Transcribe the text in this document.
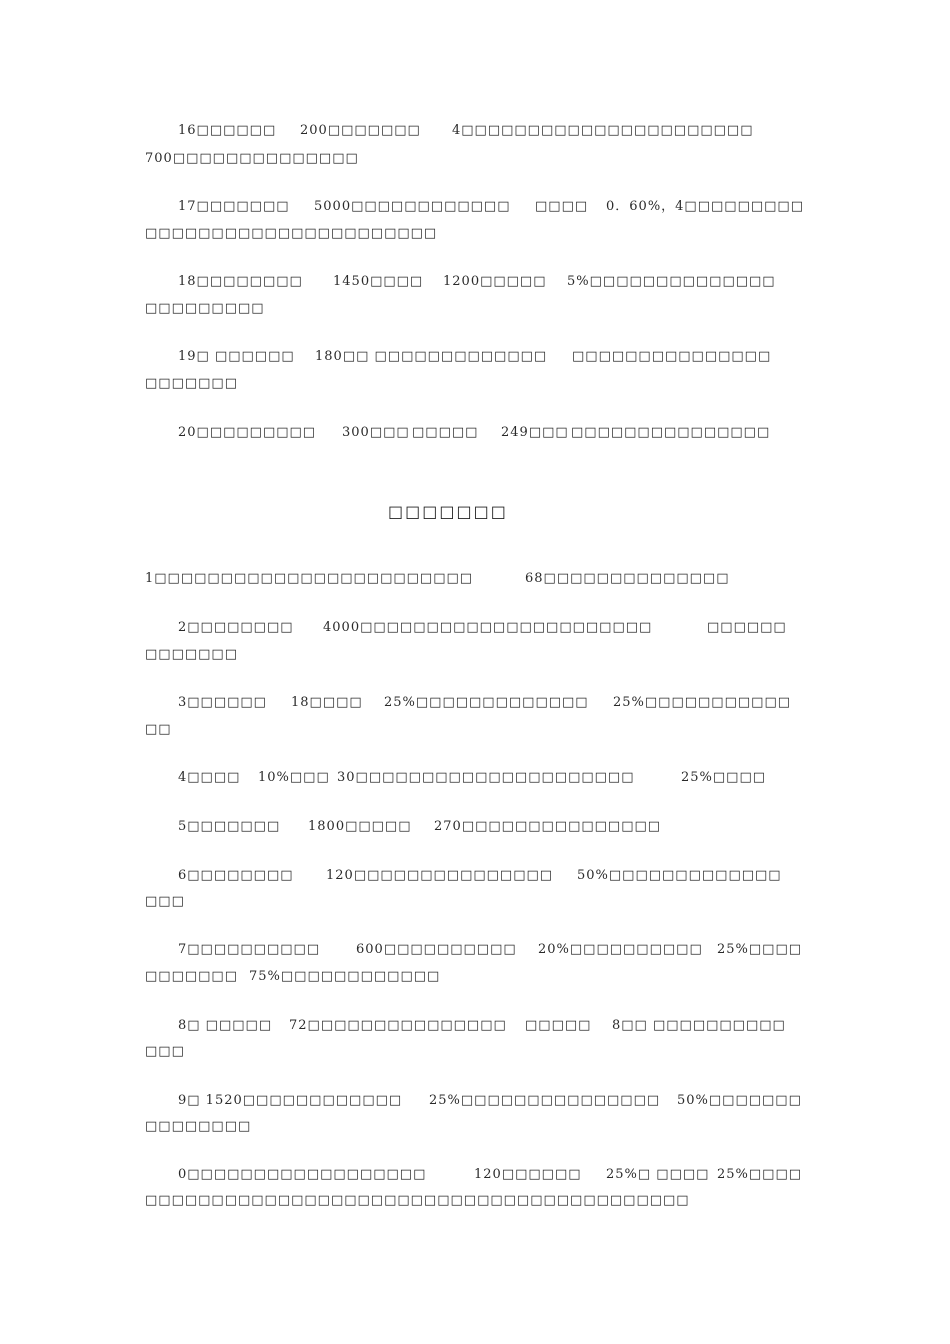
16□□□□□□ 200□□□□□□□ 4□□□□□□□□□□□□□□□□□□□□□□
700□□□□□□□□□□□□□□
17□□□□□□□ 5000□□□□□□□□□□□□ □□□□ 0．60%，4□□□□□□□□□
□□□□□□□□□□□□□□□□□□□□□□
18□□□□□□□□ 1450□□□□ 1200□□□□□ 5%□□□□□□□□□□□□□□
□□□□□□□□□
19□ □□□□□□ 180□□ □□□□□□□□□□□□□ □□□□□□□□□□□□□□□
□□□□□□□
20□□□□□□□□□ 300□□□ □□□□□ 249□□□ □□□□□□□□□□□□□□□
□□□□□□□
1□□□□□□□□□□□□□□□□□□□□□□□□	68□□□□□□□□□□□□□□
2□□□□□□□□ 4000□□□□□□□□□□□□□□□□□□□□□□	□□□□□□
□□□□□□□
3□□□□□□ 18□□□□ 25%□□□□□□□□□□□□□ 25%□□□□□□□□□□□
□□
4□□□□ 10%□□□ 30□□□□□□□□□□□□□□□□□□□□□	25%□□□□
5□□□□□□□ 1800□□□□□ 270□□□□□□□□□□□□□□□
6□□□□□□□□ 120□□□□□□□□□□□□□□□ 50%□□□□□□□□□□□□□
□□□
7□□□□□□□□□□	600□□□□□□□□□□ 20%□□□□□□□□□□ 25%□□□□
□□□□□□□ 75%□□□□□□□□□□□□
8□ □□□□□ 72□□□□□□□□□□□□□□□ □□□□□ 8□□ □□□□□□□□□□
□□□
9□ 1520□□□□□□□□□□□□ 25%□□□□□□□□□□□□□□□ 50%□□□□□□□
□□□□□□□□
0□□□□□□□□□□□□□□□□□□	120□□□□□□ 25%□ □□□□ 25%□□□□
□□□□□□□□□□□□□□□□□□□□□□□□□□□□□□□□□□□□□□□□□
